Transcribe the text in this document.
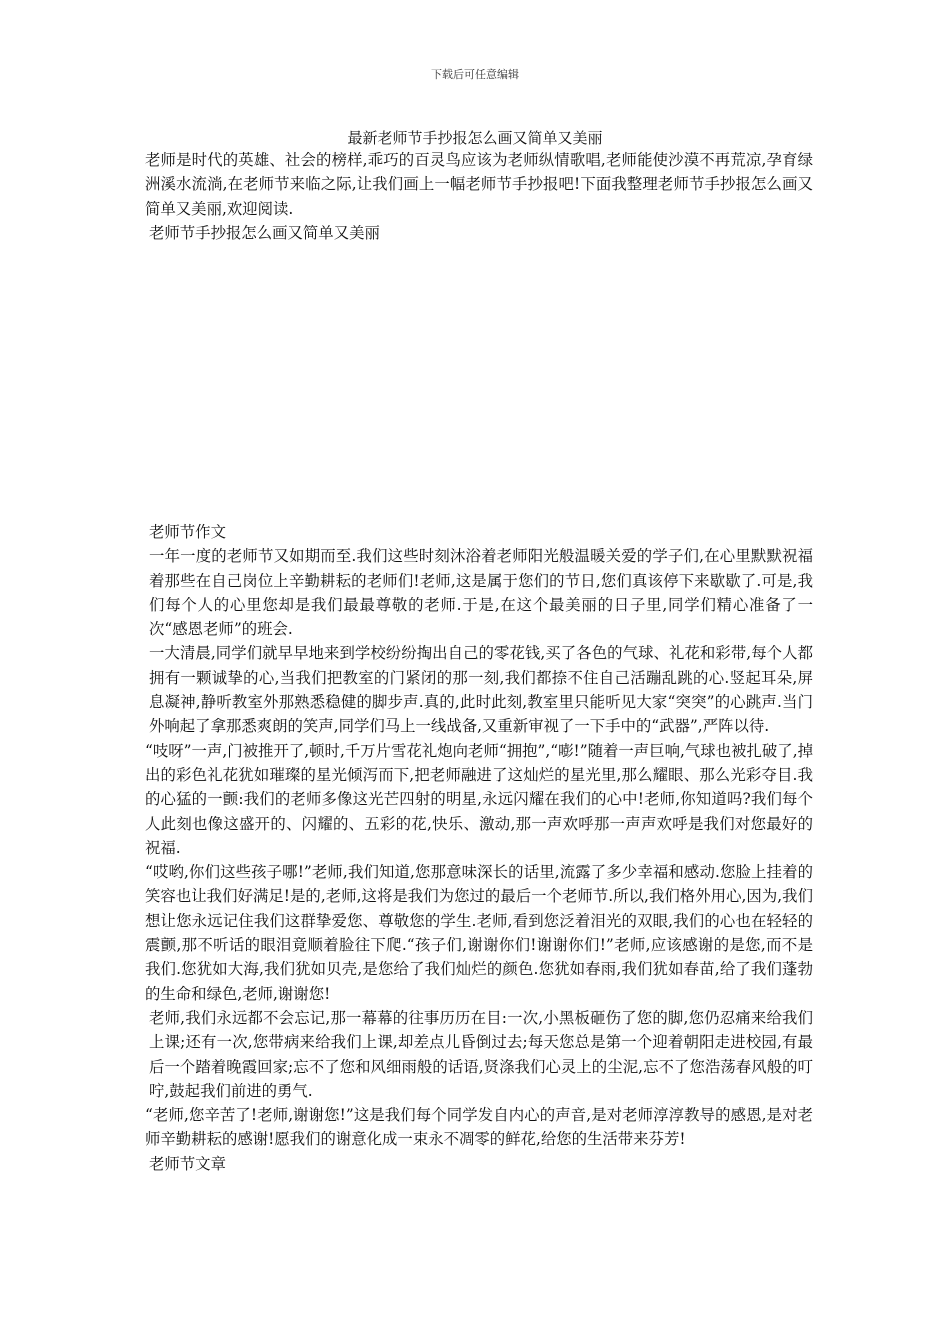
下载后可任意编辑
最新老师节手抄报怎么画又简单又美丽

老师是时代的英雄、社会的榜样,乖巧的百灵鸟应该为老师纵情歌唱,老师能使沙漠不再荒凉,孕育绿洲溪水流淌,在老师节来临之际,让我们画上一幅老师节手抄报吧!下面我整理老师节手抄报怎么画又简单又美丽,欢迎阅读.

老师节手抄报怎么画又简单又美丽

老师节作文

一年一度的老师节又如期而至.我们这些时刻沐浴着老师阳光般温暖关爱的学子们,在心里默默祝福着那些在自己岗位上辛勤耕耘的老师们!老师,这是属于您们的节日,您们真该停下来歇歇了.可是,我们每个人的心里您却是我们最最尊敬的老师.于是,在这个最美丽的日子里,同学们精心准备了一次“感恩老师”的班会.

一大清晨,同学们就早早地来到学校纷纷掏出自己的零花钱,买了各色的气球、礼花和彩带,每个人都拥有一颗诚挚的心,当我们把教室的门紧闭的那一刻,我们都捺不住自己活蹦乱跳的心.竖起耳朵,屏息凝神,静听教室外那熟悉稳健的脚步声.真的,此时此刻,教室里只能听见大家“突突”的心跳声.当门外响起了拿那悉爽朗的笑声,同学们马上一线战备,又重新审视了一下手中的“武器”,严阵以待.

“吱呀”一声,门被推开了,顿时,千万片雪花礼炮向老师“拥抱”,“嘭!”随着一声巨响,气球也被扎破了,掉出的彩色礼花犹如璀璨的星光倾泻而下,把老师融进了这灿烂的星光里,那么耀眼、那么光彩夺目.我的心猛的一颤:我们的老师多像这光芒四射的明星,永远闪耀在我们的心中!老师,你知道吗?我们每个人此刻也像这盛开的、闪耀的、五彩的花,快乐、激动,那一声欢呼那一声声欢呼是我们对您最好的祝福.

“哎哟,你们这些孩子哪!”老师,我们知道,您那意味深长的话里,流露了多少幸福和感动.您脸上挂着的笑容也让我们好满足!是的,老师,这将是我们为您过的最后一个老师节.所以,我们格外用心,因为,我们想让您永远记住我们这群挚爱您、尊敬您的学生.老师,看到您泛着泪光的双眼,我们的心也在轻轻的震颤,那不听话的眼泪竟顺着脸往下爬.“孩子们,谢谢你们!谢谢你们!”老师,应该感谢的是您,而不是我们.您犹如大海,我们犹如贝壳,是您给了我们灿烂的颜色.您犹如春雨,我们犹如春苗,给了我们蓬勃的生命和绿色,老师,谢谢您!

老师,我们永远都不会忘记,那一幕幕的往事历历在目:一次,小黑板砸伤了您的脚,您仍忍痛来给我们上课;还有一次,您带病来给我们上课,却差点儿昏倒过去;每天您总是第一个迎着朝阳走进校园,有最后一个踏着晚霞回家;忘不了您和风细雨般的话语,贤涤我们心灵上的尘泥,忘不了您浩荡春风般的叮咛,鼓起我们前进的勇气.

“老师,您辛苦了!老师,谢谢您!”这是我们每个同学发自内心的声音,是对老师淳淳教导的感恩,是对老师辛勤耕耘的感谢!愿我们的谢意化成一束永不凋零的鲜花,给您的生活带来芬芳!

老师节文章
